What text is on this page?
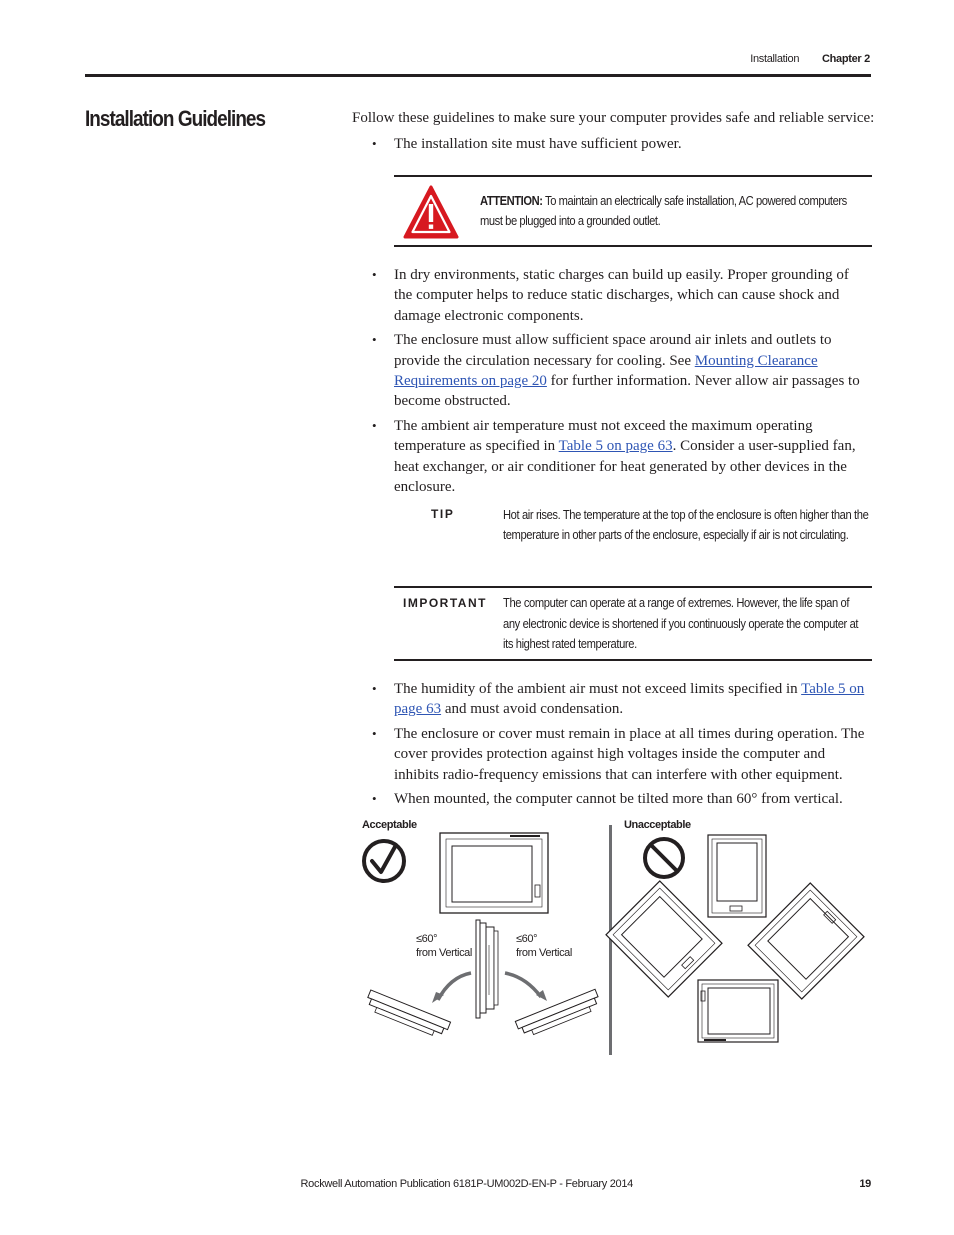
Installation Chapter 2
Installation Guidelines	Follow these guidelines to make sure your computer provides safe and reliable service:
• The installation site must have sufficient power.
ATTENTION: To maintain an electrically safe installation, AC powered computers must be plugged into a grounded outlet.
• In dry environments, static charges can build up easily. Proper grounding of the computer helps to reduce static discharges, which can cause shock and damage electronic components.
• The enclosure must allow sufficient space around air inlets and outlets to provide the circulation necessary for cooling. See Mounting Clearance Requirements on page 20 for further information. Never allow air passages to become obstructed.
• The ambient air temperature must not exceed the maximum operating temperature as specified in Table 5 on page 63. Consider a user-supplied fan, heat exchanger, or air conditioner for heat generated by other devices in the enclosure.
TIP	Hot air rises. The temperature at the top of the enclosure is often higher than the temperature in other parts of the enclosure, especially if air is not circulating.
IMPORTANT The computer can operate at a range of extremes. However, the life span of any electronic device is shortened if you continuously operate the computer at its highest rated temperature.
• The humidity of the ambient air must not exceed limits specified in Table 5 on page 63 and must avoid condensation.
• The enclosure or cover must remain in place at all times during operation. The cover provides protection against high voltages inside the computer and inhibits radio-frequency emissions that can interfere with other equipment.
• When mounted, the computer cannot be tilted more than 60° from vertical.
Acceptable	Unacceptable
≤60°
from Vertical
≤60°
from Vertical
Rockwell Automation Publication 6181P-UM002D-EN-P - February 2014	19
